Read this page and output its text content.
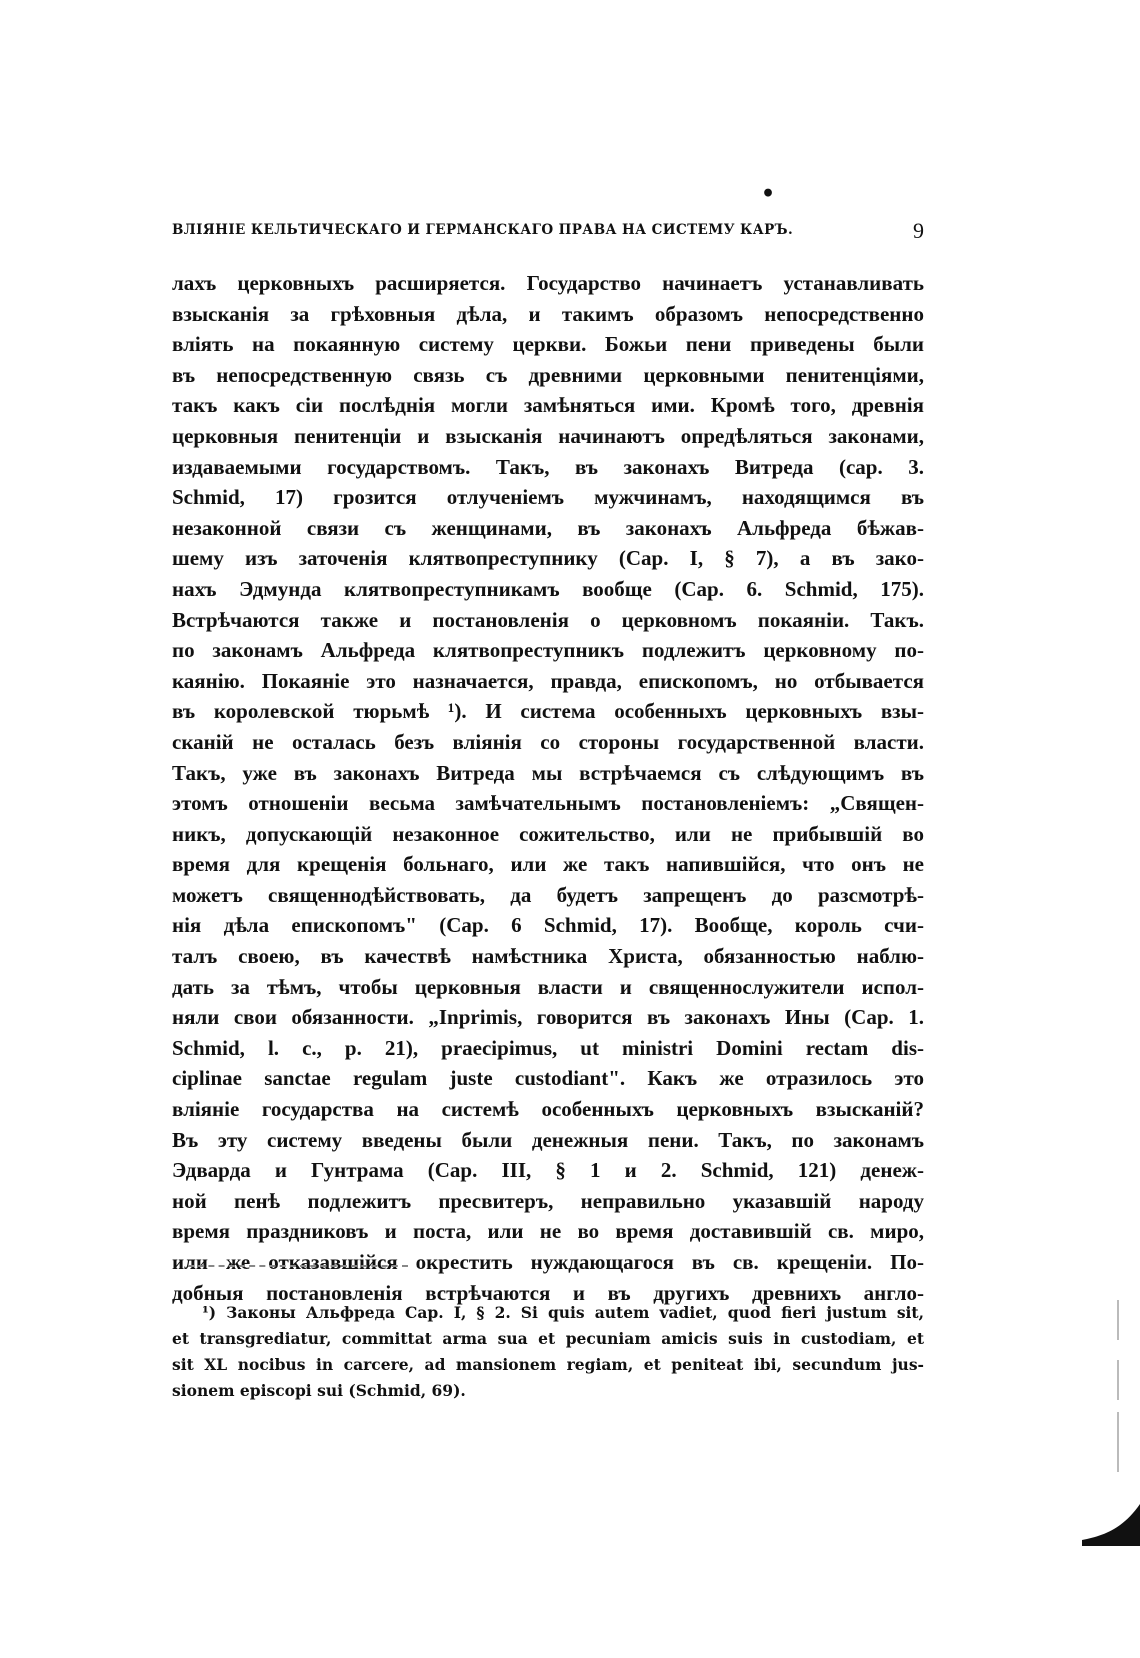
•
ВЛІЯНІЕ КЕЛЬТИЧЕСКАГО И ГЕРМАНСКАГО ПРАВА НА СИСТЕМУ КАРЪ.	9
лахъ церковныхъ расширяется. Государство начинаетъ устанавливать
взысканія за грѣховныя дѣла, и такимъ образомъ непосредственно
влiять на покаянную систему церкви. Божьи пени приведены были
въ непосредственную связь съ древними церковными пенитенціями,
такъ какъ сiи послѣднія могли замѣняться ими. Кромѣ того, древнія
церковныя пенитенціи и взысканія начинаютъ опредѣляться законами,
издаваемыми государствомъ. Такъ, въ законахъ Витреда (cap. 3.
Schmid, 17) грозится отлученіемъ мужчинамъ, находящимся въ
незаконной связи съ женщинами, въ законахъ Альфреда бѣжав-
шему изъ заточенія клятвопреступнику (Cap. I, § 7), а въ зако-
нахъ Эдмунда клятвопреступникамъ вообще (Cap. 6. Schmid, 175).
Встрѣчаются также и постановленія о церковномъ покаяніи. Такъ.
по законамъ Альфреда клятвопреступникъ подлежитъ церковному по-
каянію. Покаяніе это назначается, правда, епископомъ, но отбывается
въ королевской тюрьмѣ ¹). И система особенныхъ церковныхъ взы-
сканій не осталась безъ вліянія со стороны государственной власти.
Такъ, уже въ законахъ Витреда мы встрѣчаемся съ слѣдующимъ въ
этомъ отношеніи весьма замѣчательнымъ постановленіемъ: „Священ-
никъ, допускающій незаконное сожительство, или не прибывшій во
время для крещенія больнаго, или же такъ напившійся, что онъ не
можетъ священнодѣйствовать, да будетъ запрещенъ до разсмотрѣ-
нія дѣла епископомъ" (Cap. 6 Schmid, 17). Вообще, король счи-
талъ своею, въ качествѣ намѣстника Христа, обязанностью наблю-
дать за тѣмъ, чтобы церковныя власти и священнослужители испол-
няли свои обязанности. „Inprimis, говорится въ законахъ Ины (Cap. 1.
Schmid, l. c., p. 21), praecipimus, ut ministri Domini rectam dis-
ciplinae sanctae regulam juste custodiant". Какъ же отразилось это
вліяніе государства на системѣ особенныхъ церковныхъ взысканій?
Въ эту систему введены были денежныя пени. Такъ, по законамъ
Эдварда и Гунтрама (Cap. III, § 1 и 2. Schmid, 121) денеж-
ной пенѣ подлежитъ пресвитеръ, неправильно указавшій народу
время праздниковъ и поста, или не во время доставившій св. миро,
или же отказавшійся окрестить нуждающагося въ св. крещеніи. По-
добныя постановленія встрѣчаются и въ другихъ древнихъ англо-
¹) Законы Альфреда Cap. I, § 2. Si quis autem vadiet, quod fieri justum sit,
et transgrediatur, committat arma sua et pecuniam amicis suis in custodiam, et
sit XL nocibus in carcere, ad mansionem regiam, et peniteat ibi, secundum jus-
sionem episcopi sui (Schmid, 69).
